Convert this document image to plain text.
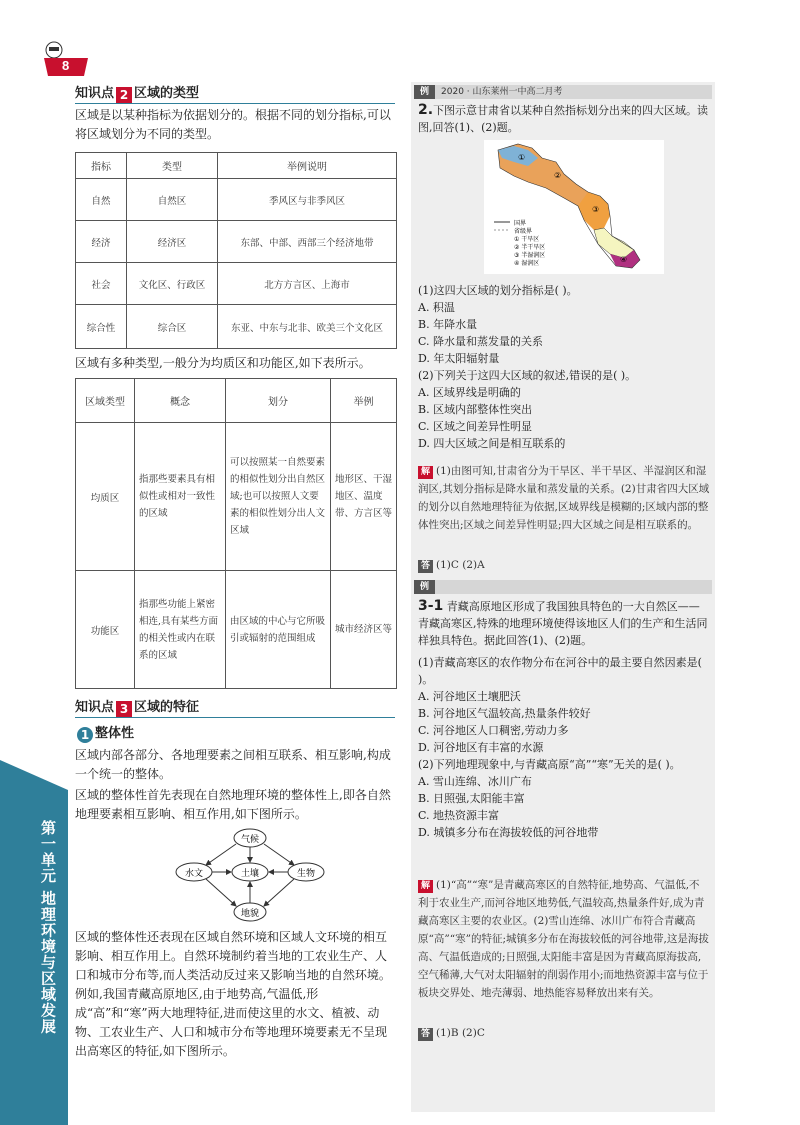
8
第一单元 地理环境与区域发展
知识点 2 区域的类型
区域是以某种指标为依据划分的。根据不同的划分指标,可以将区域划分为不同的类型。
指标	类型	举例说明
自然	自然区	季风区与非季风区
经济	经济区	东部、中部、西部三个经济地带
社会	文化区、行政区	北方方言区、上海市
综合性	综合区	东亚、中东与北非、欧美三个文化区
区域有多种类型,一般分为均质区和功能区,如下表所示。
区域类型	概念	划分	举例
均质区	指那些要素具有相似性或相对一致性的区域	可以按照某一自然要素的相似性划分出自然区域;也可以按照人文要素的相似性划分出人文区域	地形区、干湿地区、温度带、方言区等
功能区	指那些功能上紧密相连,具有某些方面的相关性或内在联系的区域	由区域的中心与它所吸引或辐射的范围组成	城市经济区等
知识点 3 区域的特征
1 整体性
区域内部各部分、各地理要素之间相互联系、相互影响,构成一个统一的整体。
区域的整体性首先表现在自然地理环境的整体性上,即各自然地理要素相互影响、相互作用,如下图所示。
气候
水文	土壤	生物
地貌
区域的整体性还表现在区域自然环境和区域人文环境的相互影响、相互作用上。自然环境制约着当地的工农业生产、人口和城市分布等,而人类活动反过来又影响当地的自然环境。例如,我国青藏高原地区,由于地势高,气温低,形成“高”和“寒”两大地理特征,进而使这里的水文、植被、动物、工农业生产、人口和城市分布等地理环境要素无不呈现出高寒区的特征,如下图所示。
例 2020 · 山东莱州一中高二月考
2.下图示意甘肃省以某种自然指标划分出来的四大区域。读图,回答(1)、(2)题。
国界
省级界
① 干旱区
② 半干旱区
③ 半湿润区
④ 湿润区
①
②
③
④
(1)这四大区域的划分指标是( )。
A. 积温
B. 年降水量
C. 降水量和蒸发量的关系
D. 年太阳辐射量
(2)下列关于这四大区域的叙述,错误的是( )。
A. 区域界线是明确的
B. 区域内部整体性突出
C. 区域之间差异性明显
D. 四大区域之间是相互联系的
解 (1)由图可知,甘肃省分为干旱区、半干旱区、半湿润区和湿润区,其划分指标是降水量和蒸发量的关系。(2)甘肃省四大区域的划分以自然地理特征为依据,区域界线是模糊的;区域内部的整体性突出;区域之间差异性明显;四大区域之间是相互联系的。
答 (1)C (2)A
例
3-1 青藏高原地区形成了我国独具特色的一大自然区——青藏高寒区,特殊的地理环境使得该地区人们的生产和生活同样独具特色。据此回答(1)、(2)题。
(1)青藏高寒区的农作物分布在河谷中的最主要自然因素是( )。
A. 河谷地区土壤肥沃
B. 河谷地区气温较高,热量条件较好
C. 河谷地区人口稠密,劳动力多
D. 河谷地区有丰富的水源
(2)下列地理现象中,与青藏高原“高”“寒”无关的是( )。
A. 雪山连绵、冰川广布
B. 日照强,太阳能丰富
C. 地热资源丰富
D. 城镇多分布在海拔较低的河谷地带
解 (1)“高”“寒”是青藏高寒区的自然特征,地势高、气温低,不利于农业生产,而河谷地区地势低,气温较高,热量条件好,成为青藏高寒区主要的农业区。(2)雪山连绵、冰川广布符合青藏高原“高”“寒”的特征;城镇多分布在海拔较低的河谷地带,这是海拔高、气温低造成的;日照强,太阳能丰富是因为青藏高原海拔高,空气稀薄,大气对太阳辐射的削弱作用小;而地热资源丰富与位于板块交界处、地壳薄弱、地热能容易释放出来有关。
答 (1)B (2)C
